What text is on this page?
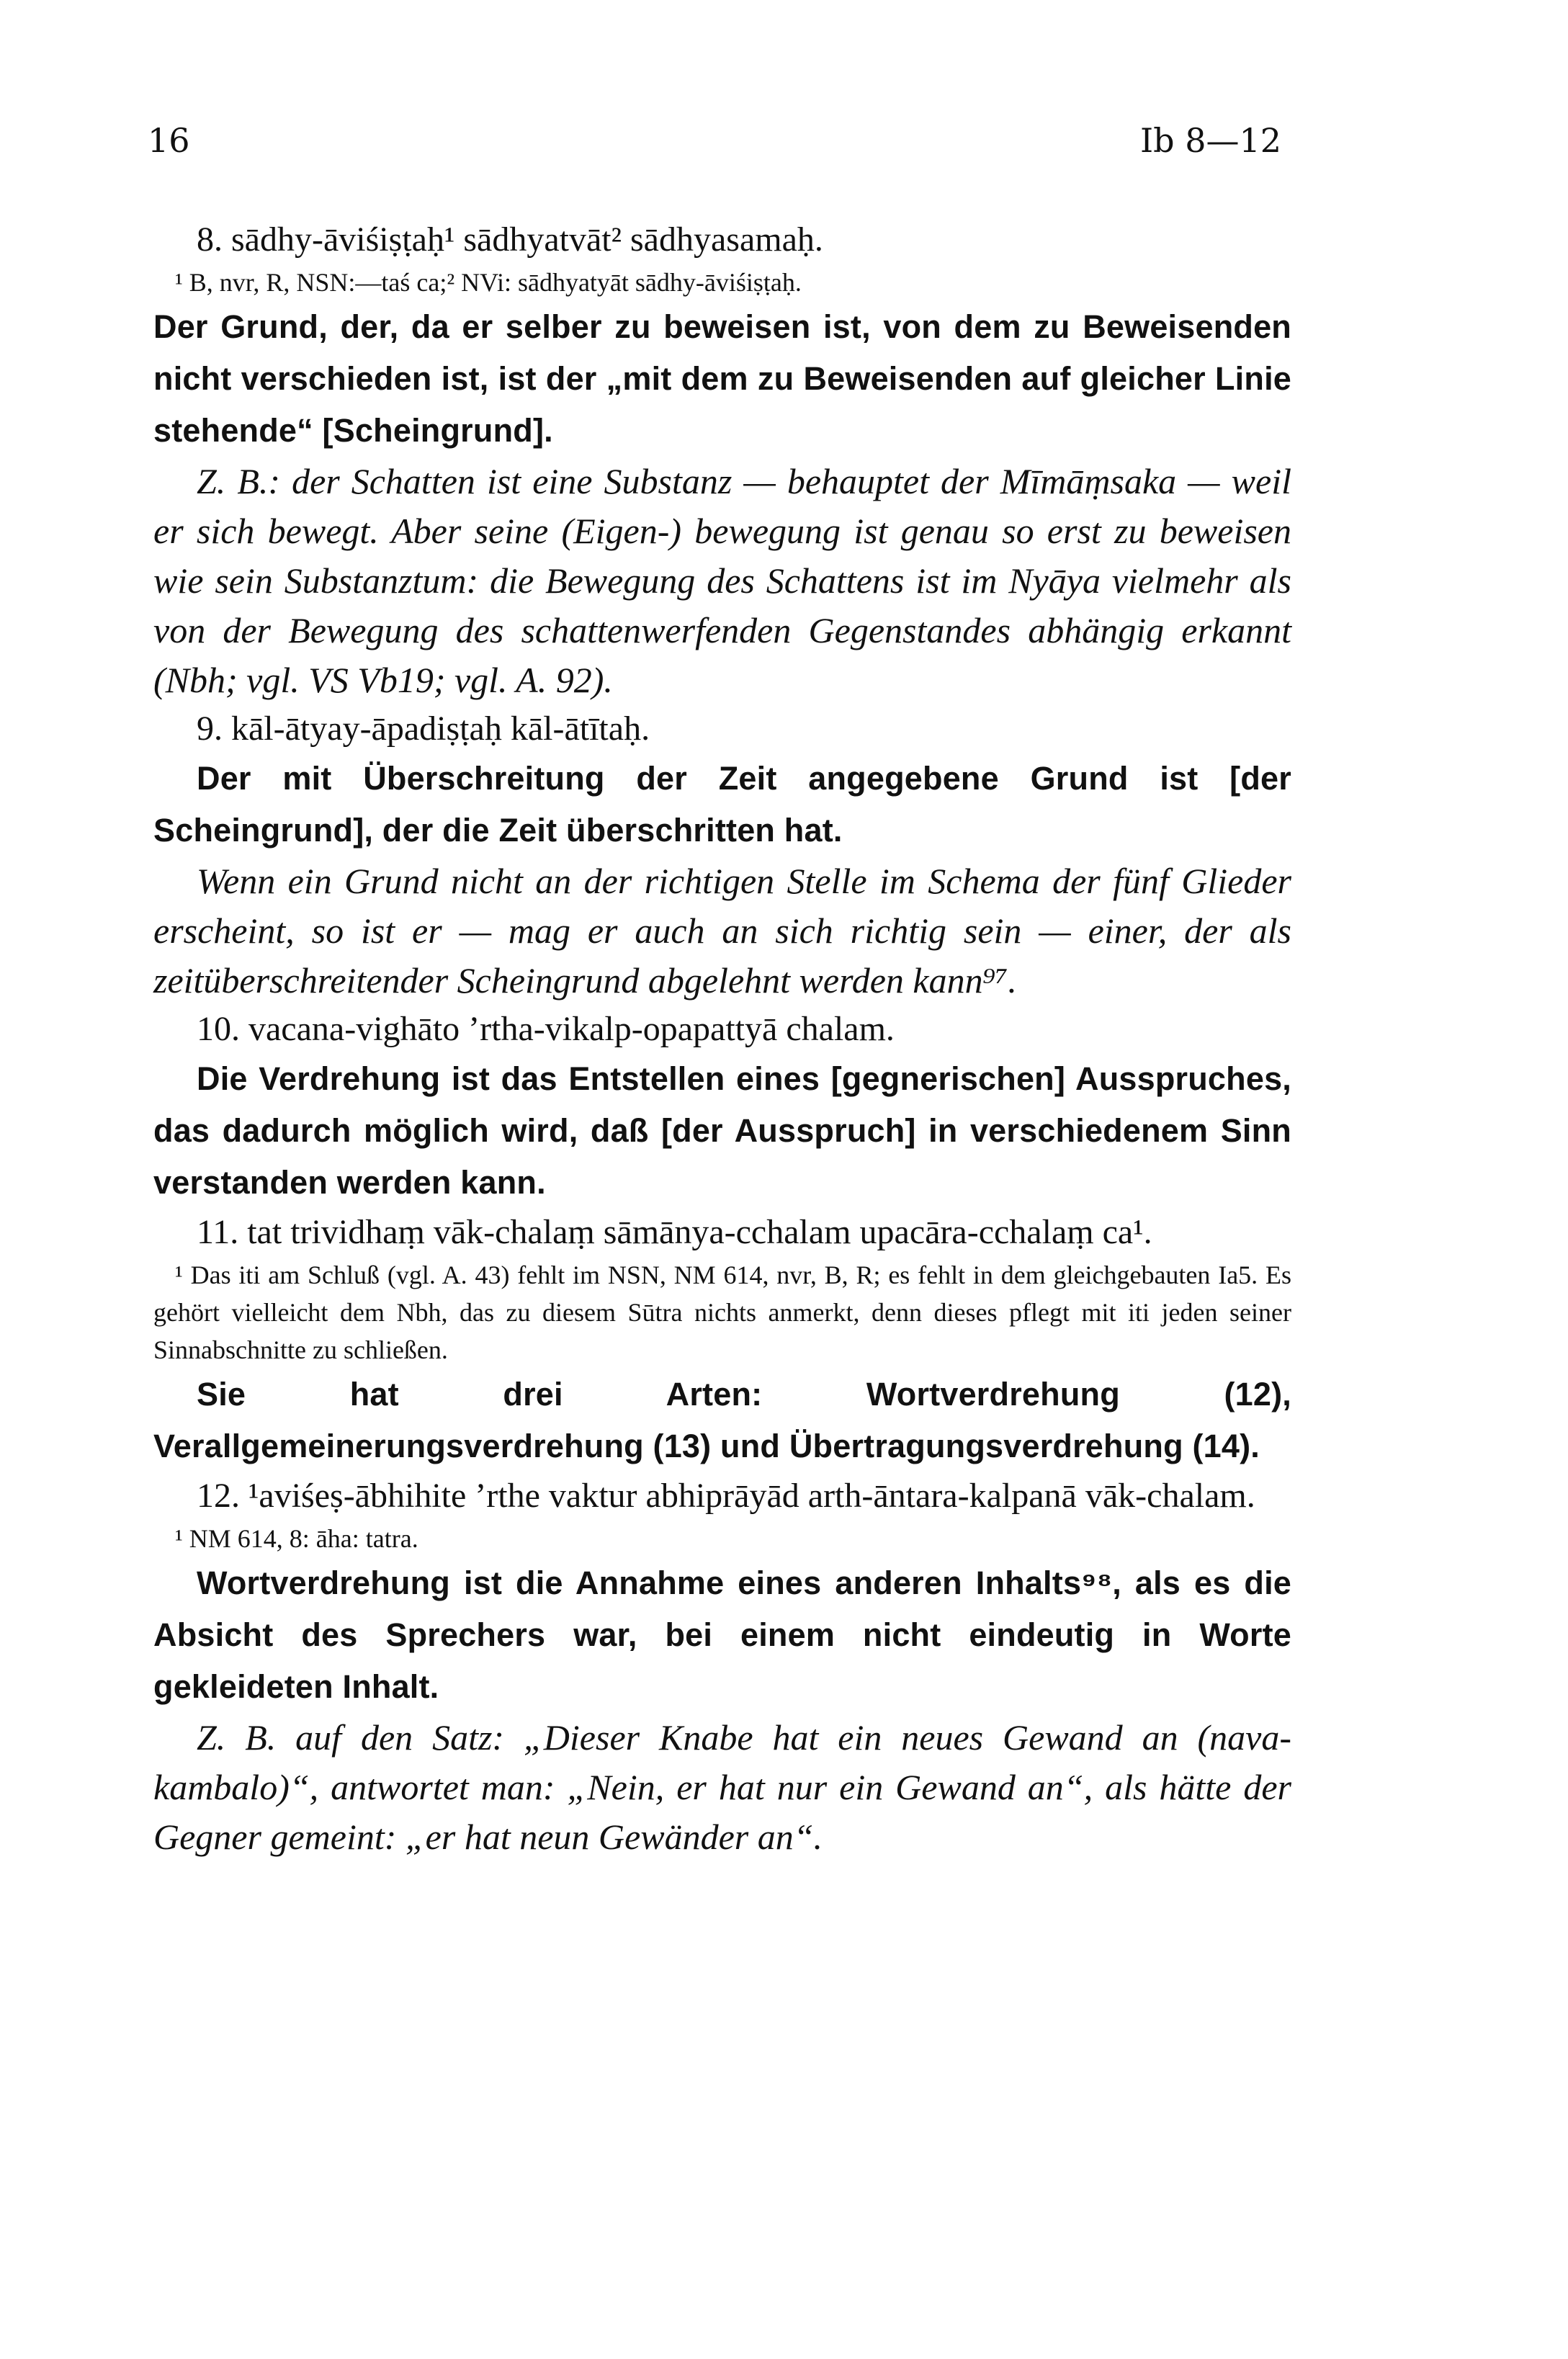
16	Ib 8—12

8. sādhy-āviśiṣṭaḥ¹ sādhyatvāt² sādhyasamaḥ.

¹ B, nvr, R, NSN:—taś ca;² NVi: sādhyatyāt sādhy-āviśiṣṭaḥ.

Der Grund, der, da er selber zu beweisen ist, von dem zu Beweisenden nicht verschieden ist, ist der „mit dem zu Beweisenden auf gleicher Linie stehende“ [Scheingrund].

Z. B.: der Schatten ist eine Substanz — behauptet der Mīmāṃsaka — weil er sich bewegt. Aber seine (Eigen-) bewegung ist genau so erst zu beweisen wie sein Substanztum: die Bewegung des Schattens ist im Nyāya vielmehr als von der Bewegung des schattenwerfenden Gegenstandes abhängig erkannt (Nbh; vgl. VS Vb19; vgl. A. 92).

9. kāl-ātyay-āpadiṣṭaḥ kāl-ātītaḥ.

Der mit Überschreitung der Zeit angegebene Grund ist [der Scheingrund], der die Zeit überschritten hat.

Wenn ein Grund nicht an der richtigen Stelle im Schema der fünf Glieder erscheint, so ist er — mag er auch an sich richtig sein — einer, der als zeitüberschreitender Scheingrund abgelehnt werden kann⁹⁷.

10. vacana-vighāto ’rtha-vikalp-opapattyā chalam.

Die Verdrehung ist das Entstellen eines [gegnerischen] Ausspruches, das dadurch möglich wird, daß [der Ausspruch] in verschiedenem Sinn verstanden werden kann.

11. tat trividhaṃ vāk-chalaṃ sāmānya-cchalam upacāra-cchalaṃ ca¹.

¹ Das iti am Schluß (vgl. A. 43) fehlt im NSN, NM 614, nvr, B, R; es fehlt in dem gleichgebauten Ia5. Es gehört vielleicht dem Nbh, das zu diesem Sūtra nichts anmerkt, denn dieses pflegt mit iti jeden seiner Sinnabschnitte zu schließen.

Sie hat drei Arten: Wortverdrehung (12), Verallgemeinerungsverdrehung (13) und Übertragungsverdrehung (14).

12. ¹aviśeṣ-ābhihite ’rthe vaktur abhiprāyād arth-āntara-kalpanā vāk-chalam.

¹ NM 614, 8: āha: tatra.

Wortverdrehung ist die Annahme eines anderen Inhalts⁹⁸, als es die Absicht des Sprechers war, bei einem nicht eindeutig in Worte gekleideten Inhalt.

Z. B. auf den Satz: „Dieser Knabe hat ein neues Gewand an (nava-kambalo)“, antwortet man: „Nein, er hat nur ein Gewand an“, als hätte der Gegner gemeint: „er hat neun Gewänder an“.
